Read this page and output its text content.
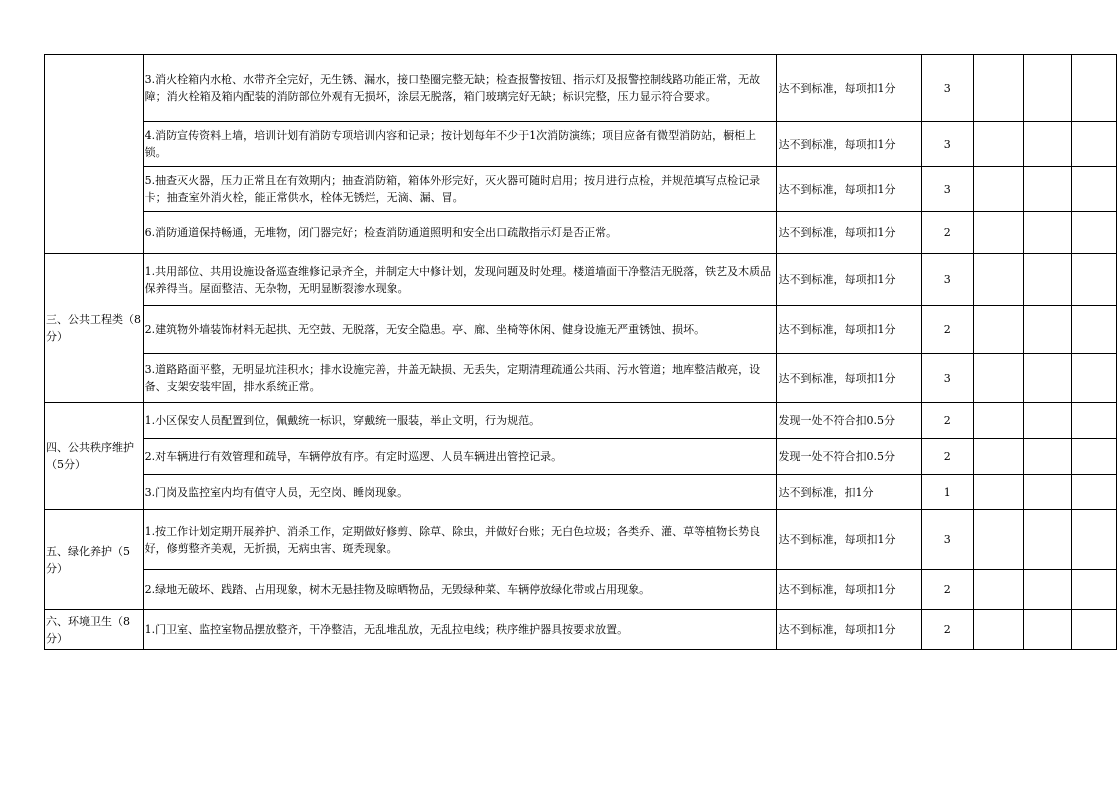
	3.消火栓箱内水枪、水带齐全完好，无生锈、漏水，接口垫圈完整无缺；检查报警按钮、指示灯及报警控制线路功能正常，无故障；消火栓箱及箱内配装的消防部位外观有无损坏，涂层无脱落，箱门玻璃完好无缺；标识完整，压力显示符合要求。	达不到标准，每项扣1分	3			
	4.消防宣传资料上墙，培训计划有消防专项培训内容和记录；按计划每年不少于1次消防演练；项目应备有微型消防站，橱柜上锁。	达不到标准，每项扣1分	3			
	5.抽查灭火器，压力正常且在有效期内；抽查消防箱，箱体外形完好，灭火器可随时启用；按月进行点检，并规范填写点检记录卡；抽查室外消火栓，能正常供水，栓体无锈烂，无滴、漏、冒。	达不到标准，每项扣1分	3			
	6.消防通道保持畅通，无堆物，闭门器完好；检查消防通道照明和安全出口疏散指示灯是否正常。	达不到标准，每项扣1分	2			
三、公共工程类（8分）	1.共用部位、共用设施设备巡查维修记录齐全，并制定大中修计划，发现问题及时处理。楼道墙面干净整洁无脱落，铁艺及木质品保养得当。屋面整洁、无杂物，无明显断裂渗水现象。	达不到标准，每项扣1分	3			
	2.建筑物外墙装饰材料无起拱、无空鼓、无脱落，无安全隐患。亭、廊、坐椅等休闲、健身设施无严重锈蚀、损坏。	达不到标准，每项扣1分	2			
	3.道路路面平整，无明显坑洼积水；排水设施完善，井盖无缺损、无丢失，定期清理疏通公共雨、污水管道；地库整洁敞亮，设备、支架安装牢固，排水系统正常。	达不到标准，每项扣1分	3			
四、公共秩序维护（5分）	1.小区保安人员配置到位，佩戴统一标识，穿戴统一服装，举止文明，行为规范。	发现一处不符合扣0.5分	2			
	2.对车辆进行有效管理和疏导，车辆停放有序。有定时巡逻、人员车辆进出管控记录。	发现一处不符合扣0.5分	2			
	3.门岗及监控室内均有值守人员，无空岗、睡岗现象。	达不到标准，扣1分	1			
五、绿化养护（5分）	1.按工作计划定期开展养护、消杀工作，定期做好修剪、除草、除虫，并做好台账；无白色垃圾；各类乔、灌、草等植物长势良好，修剪整齐美观，无折损，无病虫害、斑秃现象。	达不到标准，每项扣1分	3			
	2.绿地无破坏、践踏、占用现象，树木无悬挂物及晾晒物品，无毁绿种菜、车辆停放绿化带或占用现象。	达不到标准，每项扣1分	2			
六、环境卫生（8分）	1.门卫室、监控室物品摆放整齐，干净整洁，无乱堆乱放，无乱拉电线；秩序维护器具按要求放置。	达不到标准，每项扣1分	2			
